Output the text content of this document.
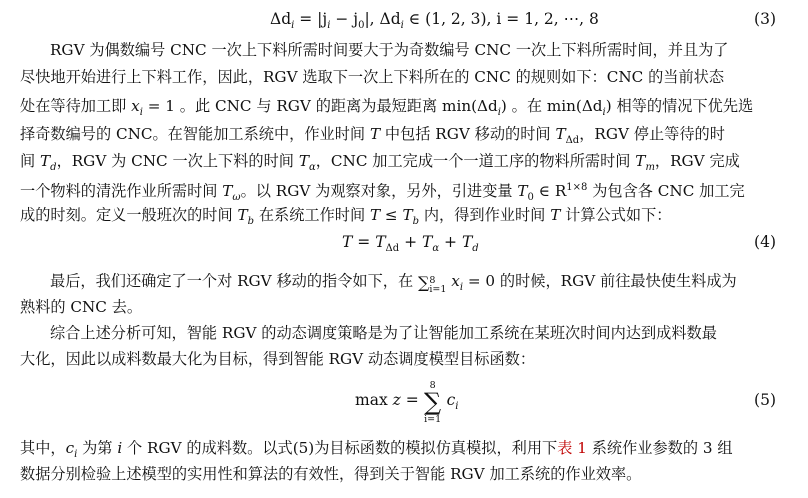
$\Delta d_i = |j_i - j_0|$, $\Delta d_i$ ∈ (1, 2, 3), i = 1, 2, ⋯, 8	(3)
RGV 为偶数编号 CNC 一次上下料所需时间要大于为奇数编号 CNC 一次上下料所需时间，并且为了
尽快地开始进行上下料工作，因此，RGV 选取下一次上下料所在的 CNC 的规则如下：CNC 的当前状态
处在等待加工即 $x_i = 1$ 。此 CNC 与 RGV 的距离为最短距离 $\min(\Delta d_i)$ 。在 $\min(\Delta d_i)$ 相等的情况下优先选
择奇数编号的 CNC。在智能加工系统中，作业时间 T 中包括 RGV 移动的时间 $T_{\Delta d}$，RGV 停止等待的时
间 $T_d$，RGV 为 CNC 一次上下料的时间 $T_\alpha$，CNC 加工完成一个一道工序的物料所需时间 $T_m$，RGV 完成
一个物料的清洗作业所需时间 $T_\omega$。以 RGV 为观察对象，另外，引进变量 $T_0$ ∈ $R^{1\times 8}$ 为包含各 CNC 加工完
成的时刻。定义一般班次的时间 $T_b$ 在系统工作时间 $T \le T_b$ 内，得到作业时间 T 计算公式如下：
$T = T_{\Delta d} + T_\alpha + T_d$	(4)
最后，我们还确定了一个对 RGV 移动的指令如下，在 ∑8
i=1 $x_i = 0$ 的时候，RGV 前往最快使生料成为
熟料的 CNC 去。
综合上述分析可知，智能 RGV 的动态调度策略是为了让智能加工系统在某班次时间内达到成料数最
大化，因此以成料数最大化为目标，得到智能 RGV 动态调度模型目标函数：
max z =
8
∑
i=1
$c_i$	(5)
其中，$c_i$ 为第 i 个 RGV 的成料数。以式(5)为目标函数的模拟仿真模拟，利用下表 1 系统作业参数的 3 组
数据分别检验上述模型的实用性和算法的有效性，得到关于智能 RGV 加工系统的作业效率。
